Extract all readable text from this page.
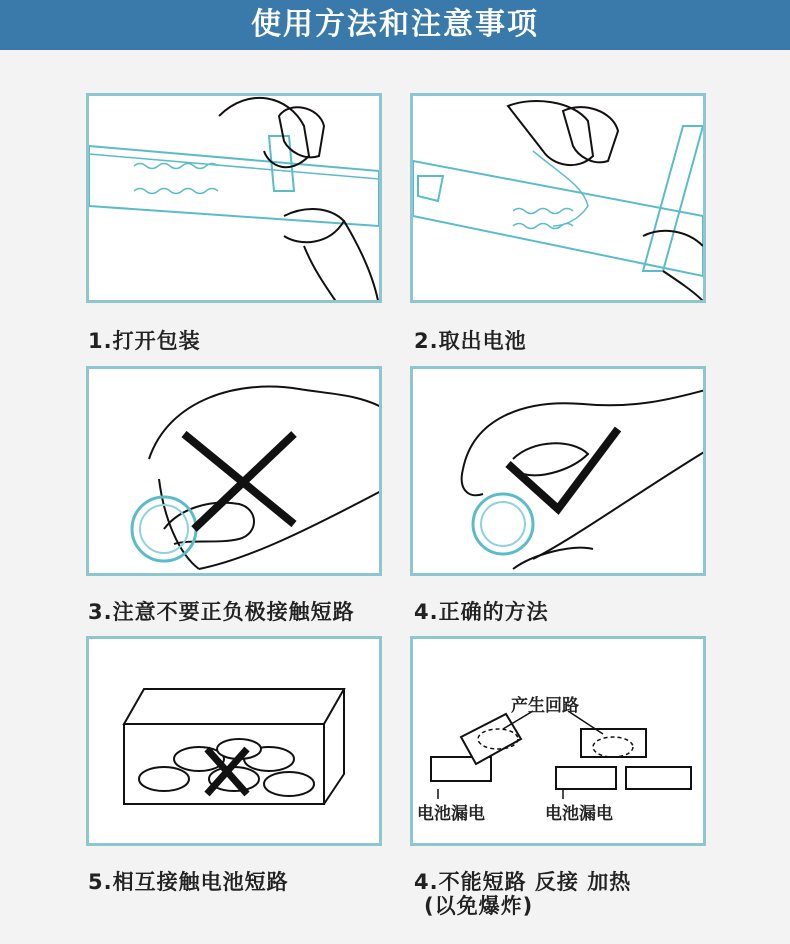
使用方法和注意事项
1.打开包装	2.取出电池
3.注意不要正负极接触短路	4.正确的方法
5.相互接触电池短路
产生回路
电池漏电	电池漏电
4.不能短路 反接 加热
(以免爆炸)
